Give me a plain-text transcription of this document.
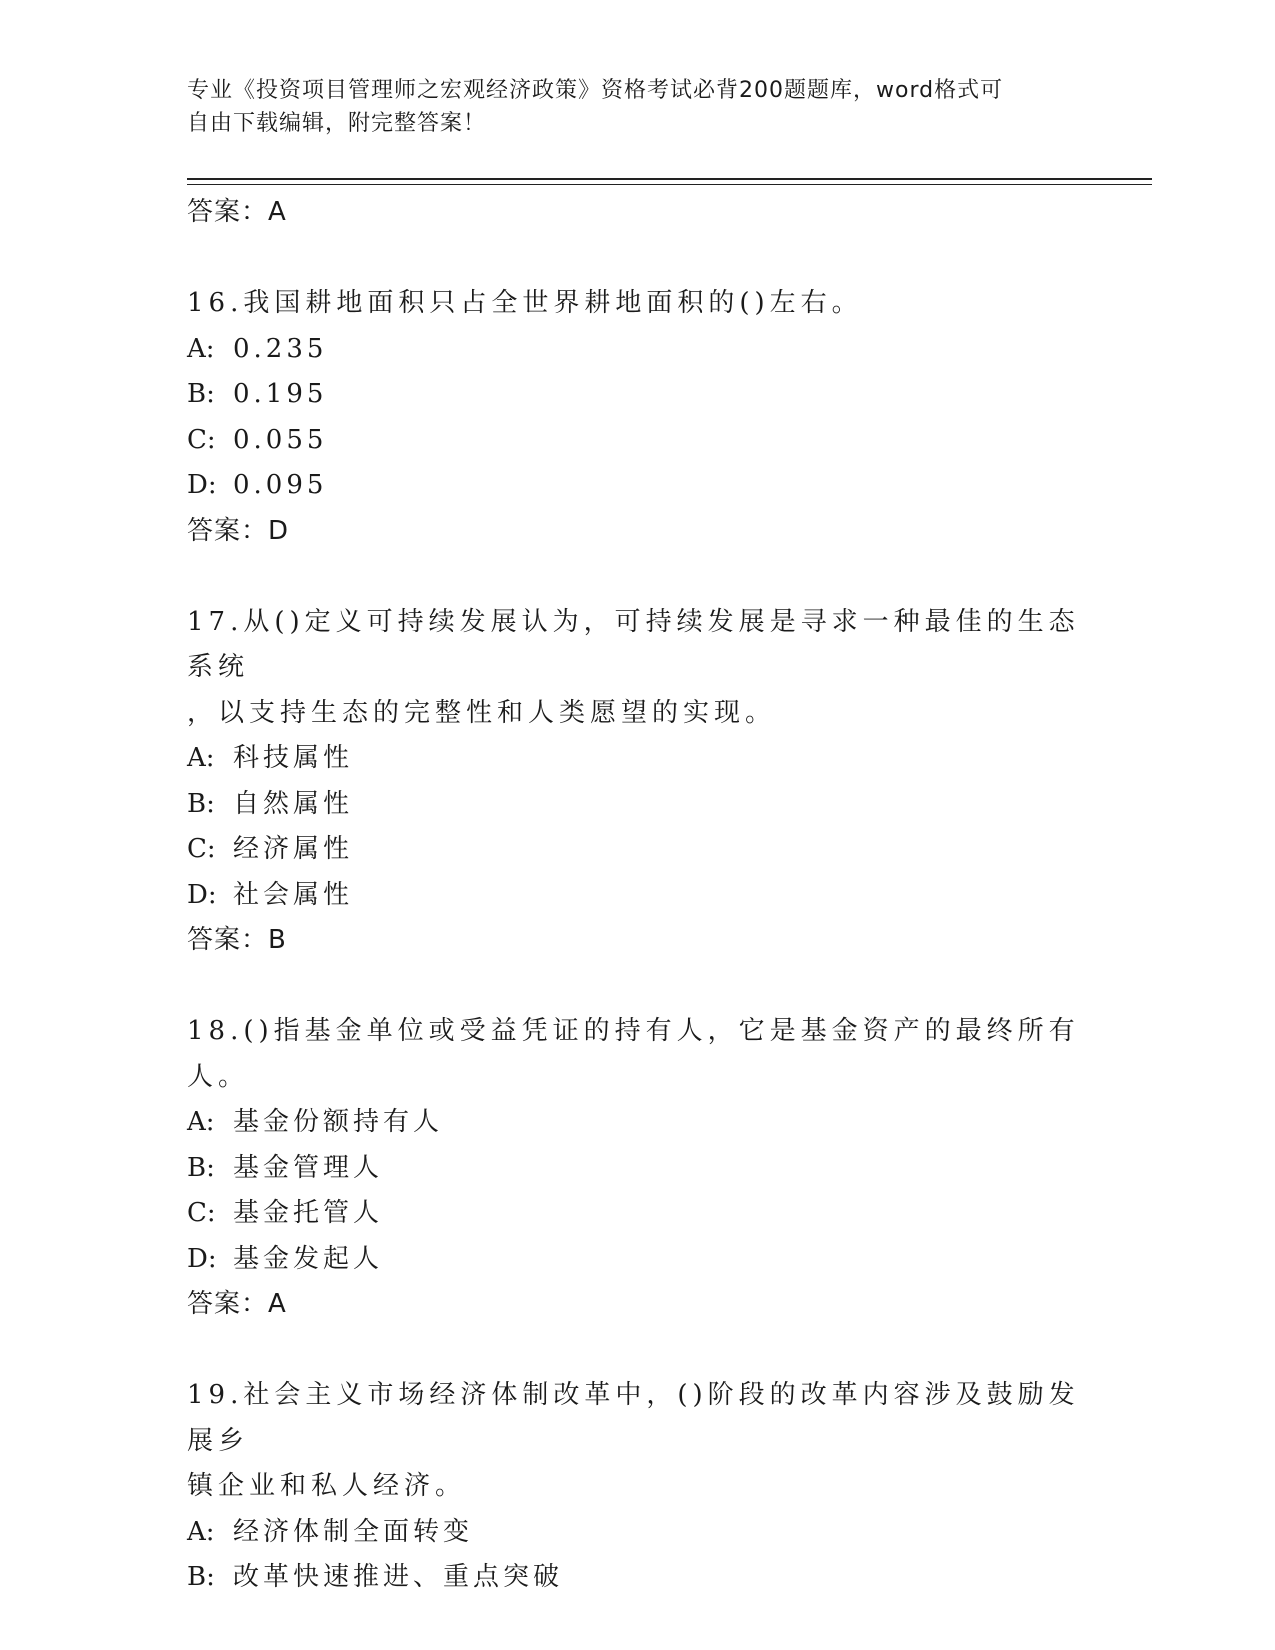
专业《投资项目管理师之宏观经济政策》资格考试必背200题题库，word格式可
自由下载编辑，附完整答案！
答案：A
16.我国耕地面积只占全世界耕地面积的()左右。
A: 0.235
B: 0.195
C: 0.055
D: 0.095
答案：D
17.从()定义可持续发展认为，可持续发展是寻求一种最佳的生态系统
，以支持生态的完整性和人类愿望的实现。
A: 科技属性
B: 自然属性
C: 经济属性
D: 社会属性
答案：B
18.()指基金单位或受益凭证的持有人，它是基金资产的最终所有人。
A: 基金份额持有人
B: 基金管理人
C: 基金托管人
D: 基金发起人
答案：A
19.社会主义市场经济体制改革中，()阶段的改革内容涉及鼓励发展乡
镇企业和私人经济。
A: 经济体制全面转变
B: 改革快速推进、重点突破
